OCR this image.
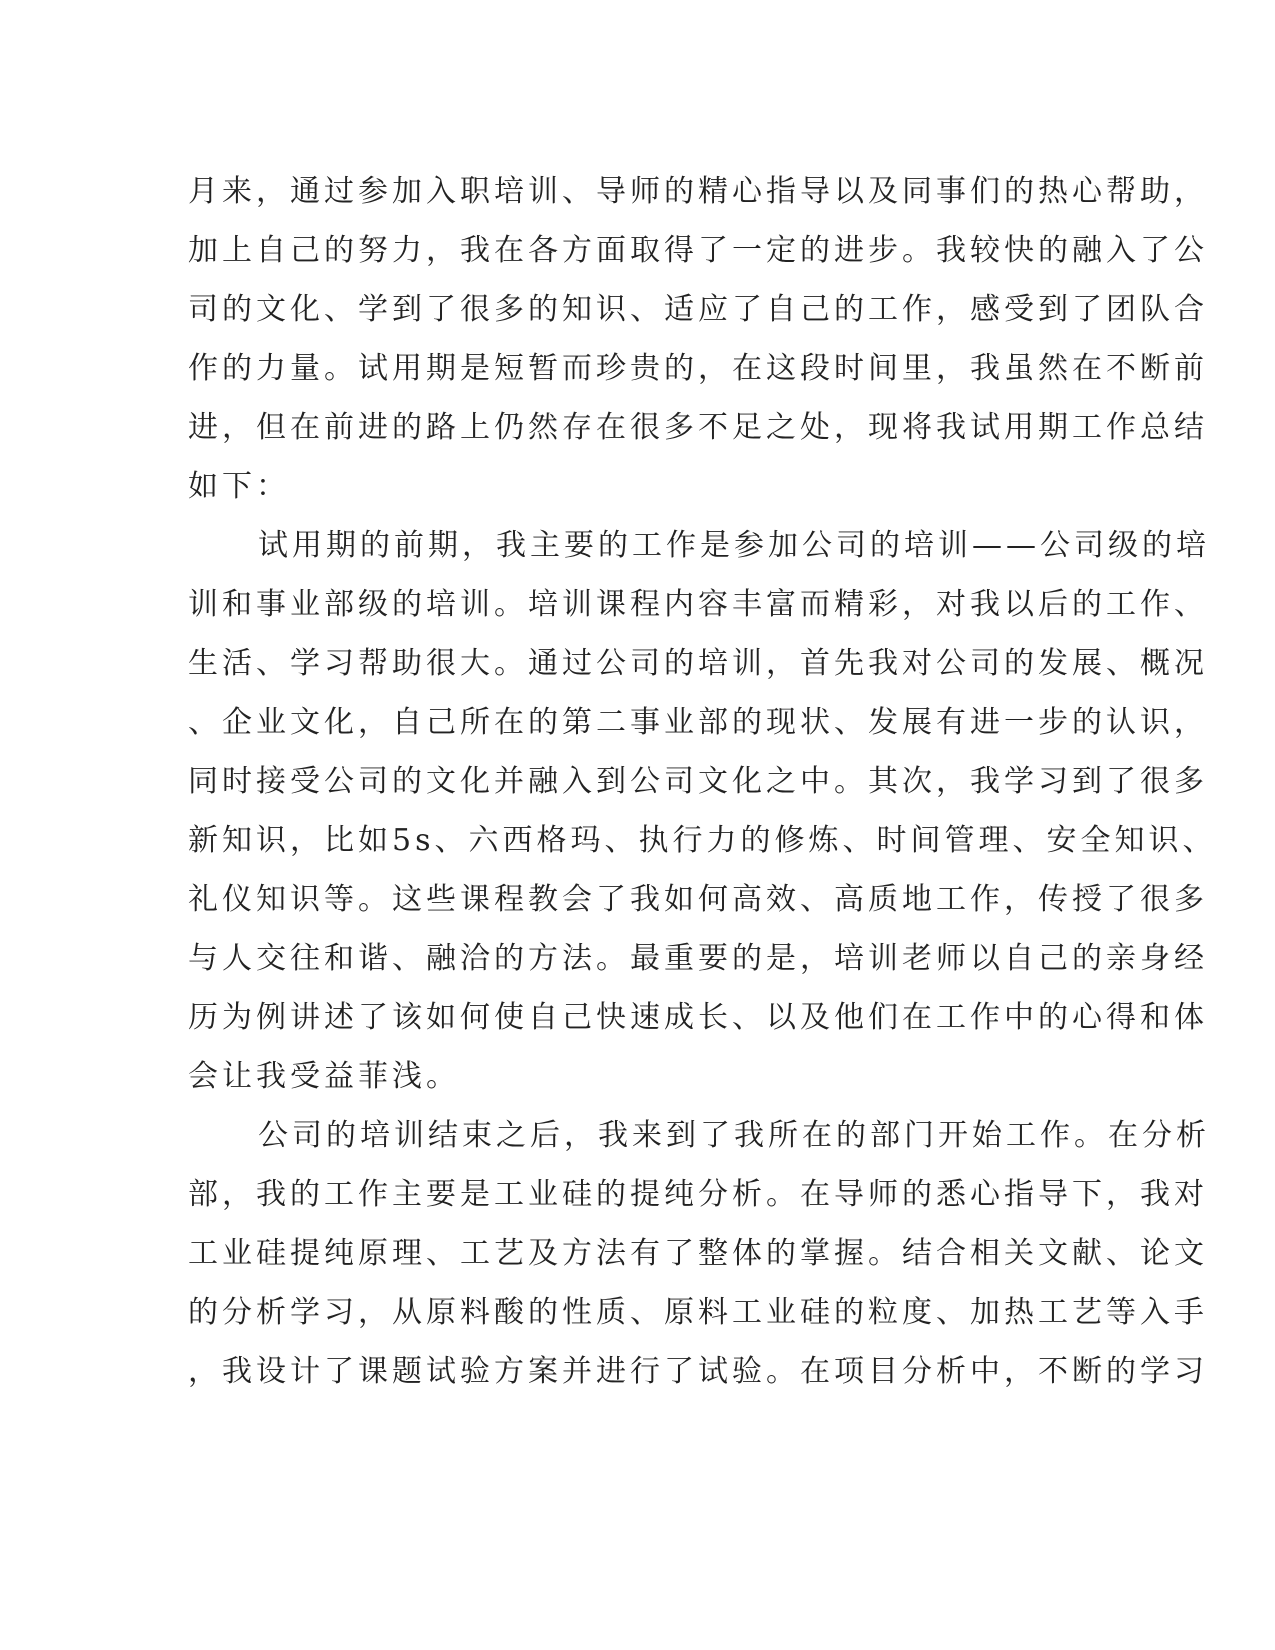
月来，通过参加入职培训、导师的精心指导以及同事们的热心帮助，
加上自己的努力，我在各方面取得了一定的进步。我较快的融入了公
司的文化、学到了很多的知识、适应了自己的工作，感受到了团队合
作的力量。试用期是短暂而珍贵的，在这段时间里，我虽然在不断前
进，但在前进的路上仍然存在很多不足之处，现将我试用期工作总结
如下：
试用期的前期，我主要的工作是参加公司的培训——公司级的培
训和事业部级的培训。培训课程内容丰富而精彩，对我以后的工作、
生活、学习帮助很大。通过公司的培训，首先我对公司的发展、概况
、企业文化，自己所在的第二事业部的现状、发展有进一步的认识，
同时接受公司的文化并融入到公司文化之中。其次，我学习到了很多
新知识，比如5s、六西格玛、执行力的修炼、时间管理、安全知识、
礼仪知识等。这些课程教会了我如何高效、高质地工作，传授了很多
与人交往和谐、融洽的方法。最重要的是，培训老师以自己的亲身经
历为例讲述了该如何使自己快速成长、以及他们在工作中的心得和体
会让我受益菲浅。
公司的培训结束之后，我来到了我所在的部门开始工作。在分析
部，我的工作主要是工业硅的提纯分析。在导师的悉心指导下，我对
工业硅提纯原理、工艺及方法有了整体的掌握。结合相关文献、论文
的分析学习，从原料酸的性质、原料工业硅的粒度、加热工艺等入手
，我设计了课题试验方案并进行了试验。在项目分析中，不断的学习
